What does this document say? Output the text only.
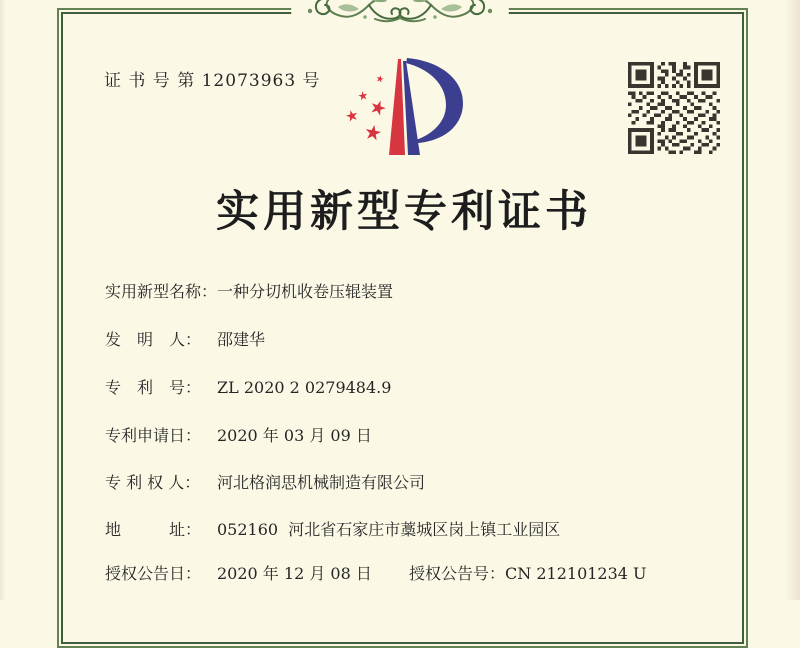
证 书 号 第 12073963 号
实用新型专利证书
实用新型名称：一种分切机收卷压辊装置
发　明　人： 邵建华
专　利　号： ZL 2020 2 0279484.9
专利申请日： 2020 年 03 月 09 日
专 利 权 人： 河北格润思机械制造有限公司
地　　　址： 052160  河北省石家庄市藁城区岗上镇工业园区
授权公告日： 2020 年 12 月 08 日 授权公告号：CN 212101234 U
